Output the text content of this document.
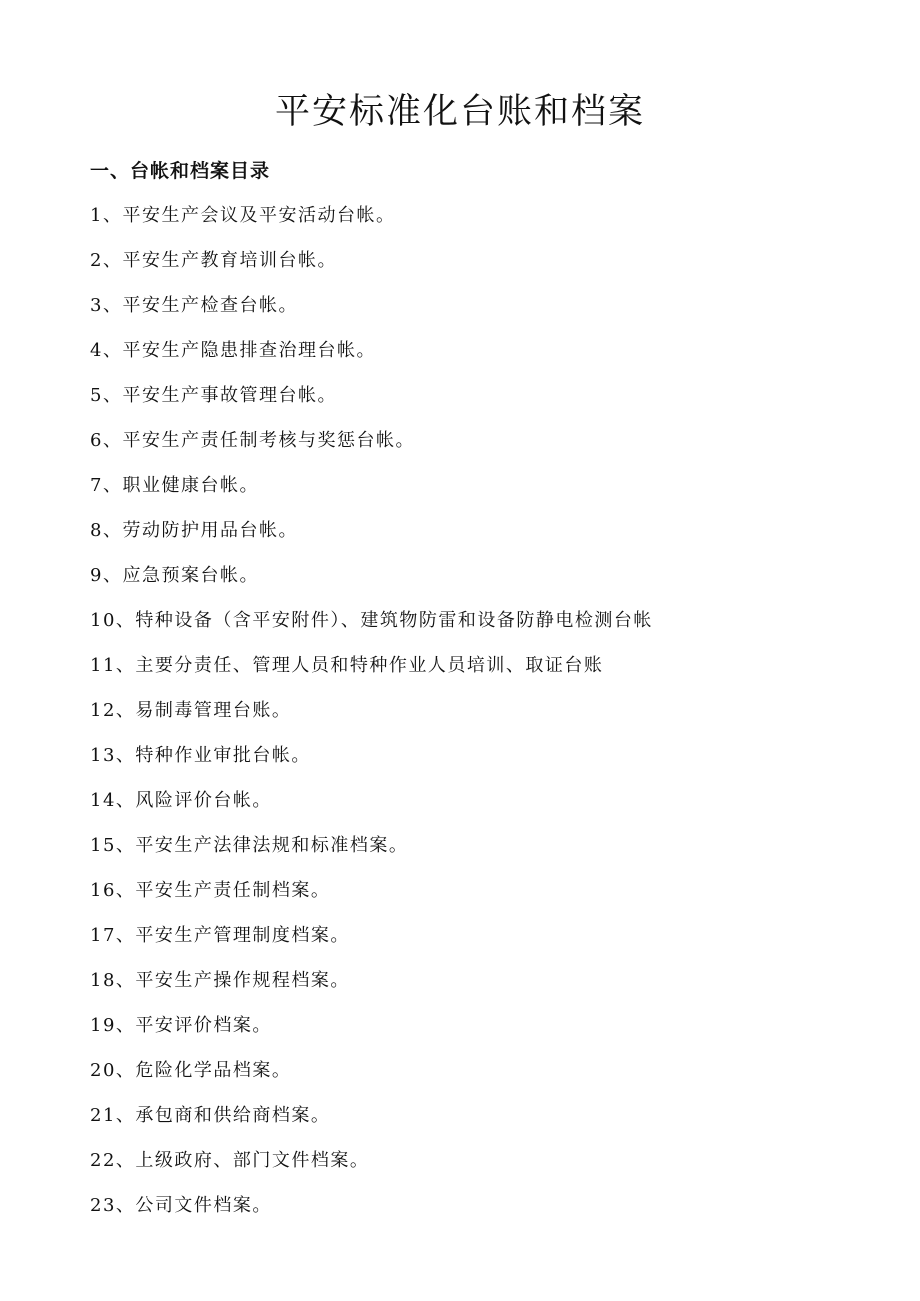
平安标准化台账和档案
一、台帐和档案目录
1、平安生产会议及平安活动台帐。
2、平安生产教育培训台帐。
3、平安生产检查台帐。
4、平安生产隐患排查治理台帐。
5、平安生产事故管理台帐。
6、平安生产责任制考核与奖惩台帐。
7、职业健康台帐。
8、劳动防护用品台帐。
9、应急预案台帐。
10、特种设备（含平安附件）、建筑物防雷和设备防静电检测台帐
11、主要分责任、管理人员和特种作业人员培训、取证台账
12、易制毒管理台账。
13、特种作业审批台帐。
14、风险评价台帐。
15、平安生产法律法规和标准档案。
16、平安生产责任制档案。
17、平安生产管理制度档案。
18、平安生产操作规程档案。
19、平安评价档案。
20、危险化学品档案。
21、承包商和供给商档案。
22、上级政府、部门文件档案。
23、公司文件档案。
